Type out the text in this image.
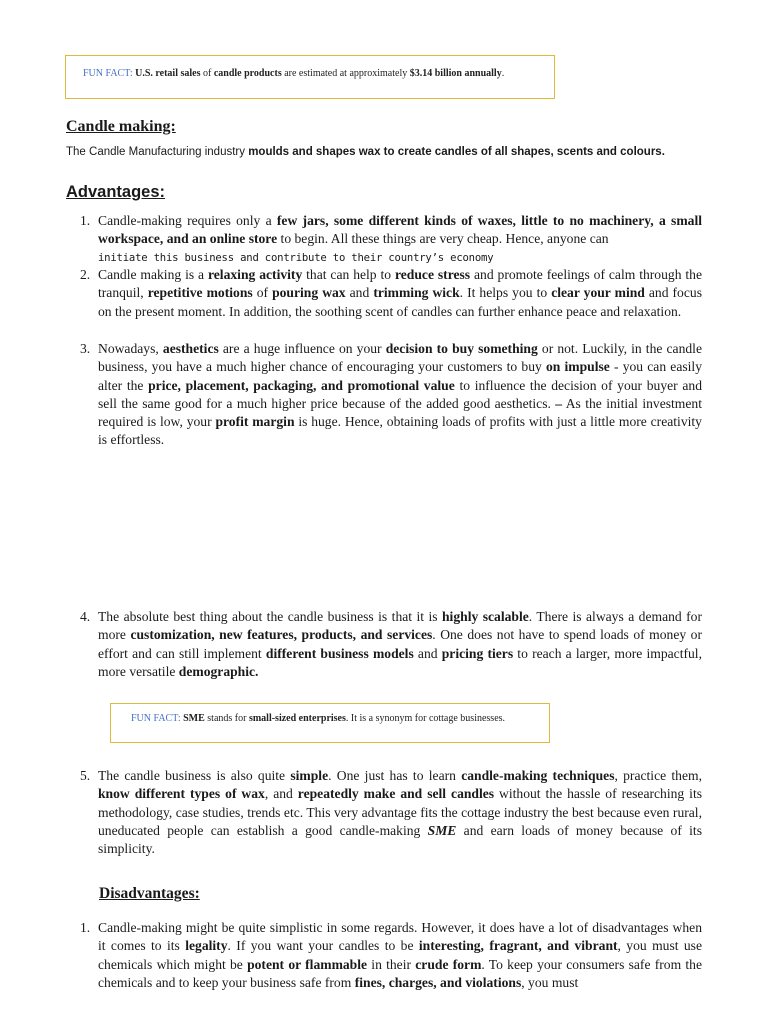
FUN FACT: U.S. retail sales of candle products are estimated at approximately $3.14 billion annually.
Candle making:
The Candle Manufacturing industry moulds and shapes wax to create candles of all shapes, scents and colours.
Advantages:
1. Candle-making requires only a few jars, some different kinds of waxes, little to no machinery, a small workspace, and an online store to begin. All these things are very cheap. Hence, anyone can
initiate this business and contribute to their country’s economy
2. Candle making is a relaxing activity that can help to reduce stress and promote feelings of calm through the tranquil, repetitive motions of pouring wax and trimming wick. It helps you to clear your mind and focus on the present moment. In addition, the soothing scent of candles can further enhance peace and relaxation.
3. Nowadays, aesthetics are a huge influence on your decision to buy something or not. Luckily, in the candle business, you have a much higher chance of encouraging your customers to buy on impulse - you can easily alter the price, placement, packaging, and promotional value to influence the decision of your buyer and sell the same good for a much higher price because of the added good aesthetics. – As the initial investment required is low, your profit margin is huge. Hence, obtaining loads of profits with just a little more creativity is effortless.
4. The absolute best thing about the candle business is that it is highly scalable. There is always a demand for more customization, new features, products, and services. One does not have to spend loads of money or effort and can still implement different business models and pricing tiers to reach a larger, more impactful, more versatile demographic.
FUN FACT: SME stands for small-sized enterprises. It is a synonym for cottage businesses.
5. The candle business is also quite simple. One just has to learn candle-making techniques, practice them, know different types of wax, and repeatedly make and sell candles without the hassle of researching its methodology, case studies, trends etc. This very advantage fits the cottage industry the best because even rural, uneducated people can establish a good candle-making SME and earn loads of money because of its simplicity.
Disadvantages:
1. Candle-making might be quite simplistic in some regards. However, it does have a lot of disadvantages when it comes to its legality. If you want your candles to be interesting, fragrant, and vibrant, you must use chemicals which might be potent or flammable in their crude form. To keep your consumers safe from the chemicals and to keep your business safe from fines, charges, and violations, you must
